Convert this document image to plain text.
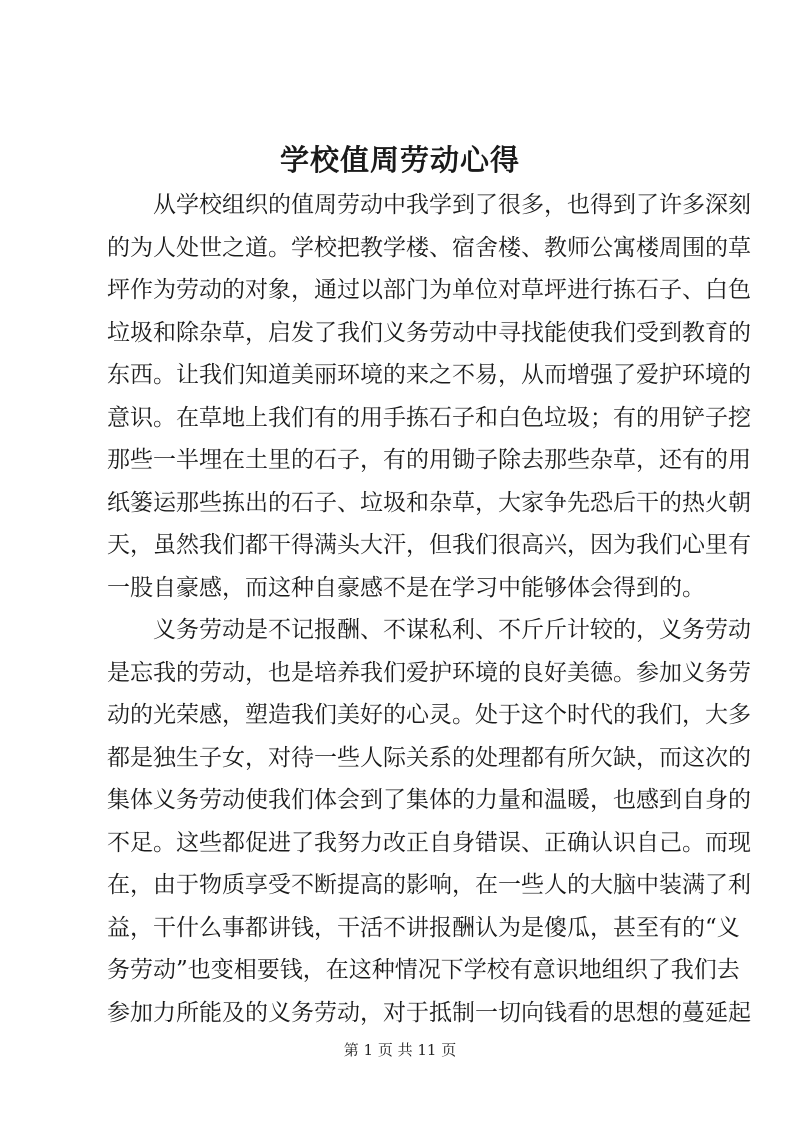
学校值周劳动心得
从学校组织的值周劳动中我学到了很多，也得到了许多深刻
的为人处世之道。学校把教学楼、宿舍楼、教师公寓楼周围的草
坪作为劳动的对象，通过以部门为单位对草坪进行拣石子、白色
垃圾和除杂草，启发了我们义务劳动中寻找能使我们受到教育的
东西。让我们知道美丽环境的来之不易，从而增强了爱护环境的
意识。在草地上我们有的用手拣石子和白色垃圾；有的用铲子挖
那些一半埋在土里的石子，有的用锄子除去那些杂草，还有的用
纸篓运那些拣出的石子、垃圾和杂草，大家争先恐后干的热火朝
天，虽然我们都干得满头大汗，但我们很高兴，因为我们心里有
一股自豪感，而这种自豪感不是在学习中能够体会得到的。
义务劳动是不记报酬、不谋私利、不斤斤计较的，义务劳动
是忘我的劳动，也是培养我们爱护环境的良好美德。参加义务劳
动的光荣感，塑造我们美好的心灵。处于这个时代的我们，大多
都是独生子女，对待一些人际关系的处理都有所欠缺，而这次的
集体义务劳动使我们体会到了集体的力量和温暖，也感到自身的
不足。这些都促进了我努力改正自身错误、正确认识自己。而现
在，由于物质享受不断提高的影响，在一些人的大脑中装满了利
益，干什么事都讲钱，干活不讲报酬认为是傻瓜，甚至有的“义
务劳动”也变相要钱，在这种情况下学校有意识地组织了我们去
参加力所能及的义务劳动，对于抵制一切向钱看的思想的蔓延起
第 1 页 共 11 页
